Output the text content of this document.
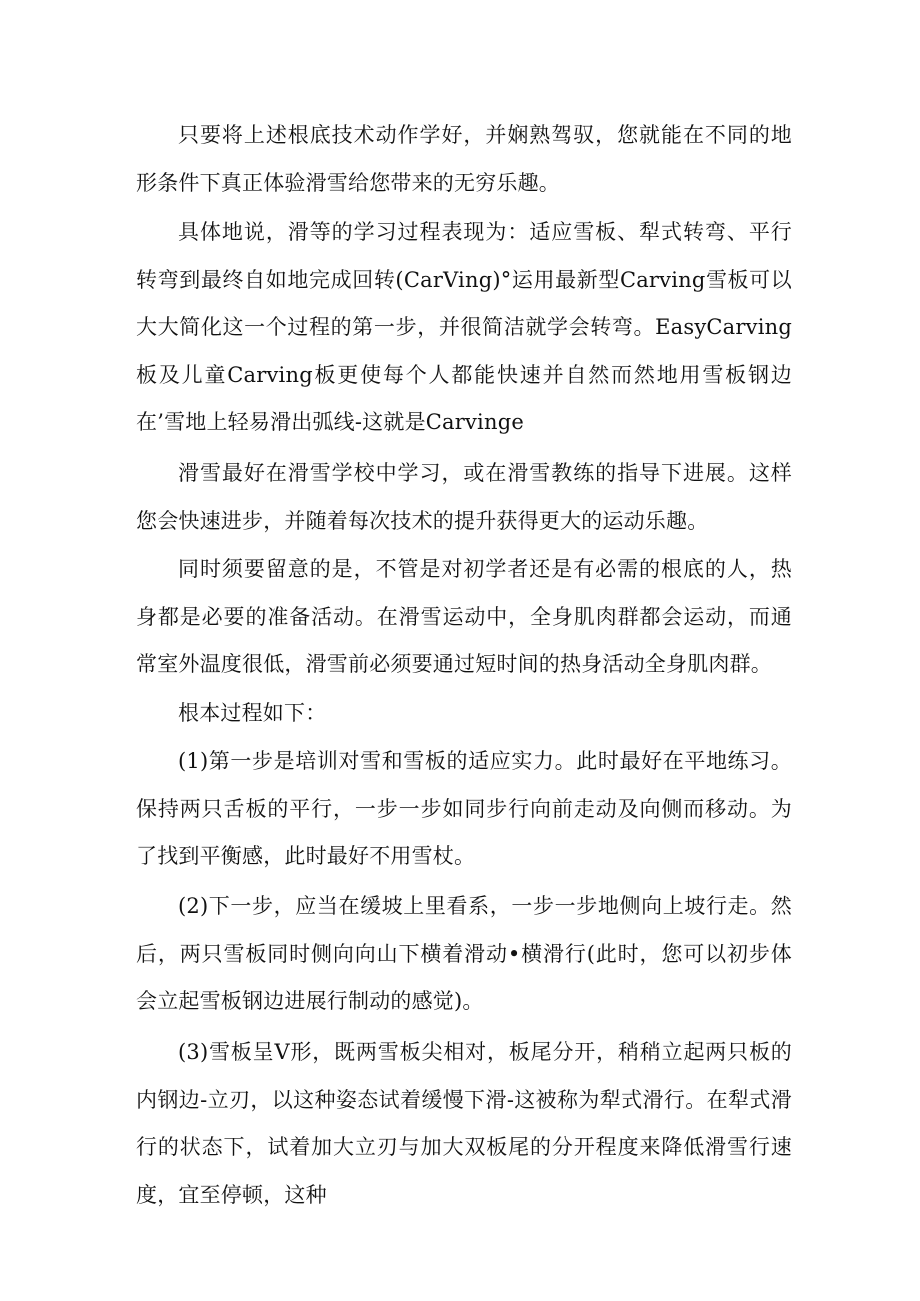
只要将上述根底技术动作学好，并娴熟驾驭，您就能在不同的地形条件下真正体验滑雪给您带来的无穷乐趣。

具体地说，滑等的学习过程表现为：适应雪板、犁式转弯、平行转弯到最终自如地完成回转(CarVing)°运用最新型Carving雪板可以大大简化这一个过程的第一步，并很简洁就学会转弯。EasyCarving板及儿童Carving板更使每个人都能快速并自然而然地用雪板钢边在’雪地上轻易滑出弧线-这就是Carvinge

滑雪最好在滑雪学校中学习，或在滑雪教练的指导下进展。这样您会快速进步，并随着每次技术的提升获得更大的运动乐趣。

同时须要留意的是，不管是对初学者还是有必需的根底的人，热身都是必要的准备活动。在滑雪运动中，全身肌肉群都会运动，而通常室外温度很低，滑雪前必须要通过短时间的热身活动全身肌肉群。

根本过程如下：

(1)第一步是培训对雪和雪板的适应实力。此时最好在平地练习。保持两只舌板的平行，一步一步如同步行向前走动及向侧而移动。为了找到平衡感，此时最好不用雪杖。

(2)下一步，应当在缓坡上里看系，一步一步地侧向上坡行走。然后，两只雪板同时侧向向山下横着滑动•横滑行(此时，您可以初步体会立起雪板钢边进展行制动的感觉)。

(3)雪板呈V形，既两雪板尖相对，板尾分开，稍稍立起两只板的内钢边-立刃，以这种姿态试着缓慢下滑-这被称为犁式滑行。在犁式滑行的状态下，试着加大立刃与加大双板尾的分开程度来降低滑雪行速度，宜至停顿，这种
